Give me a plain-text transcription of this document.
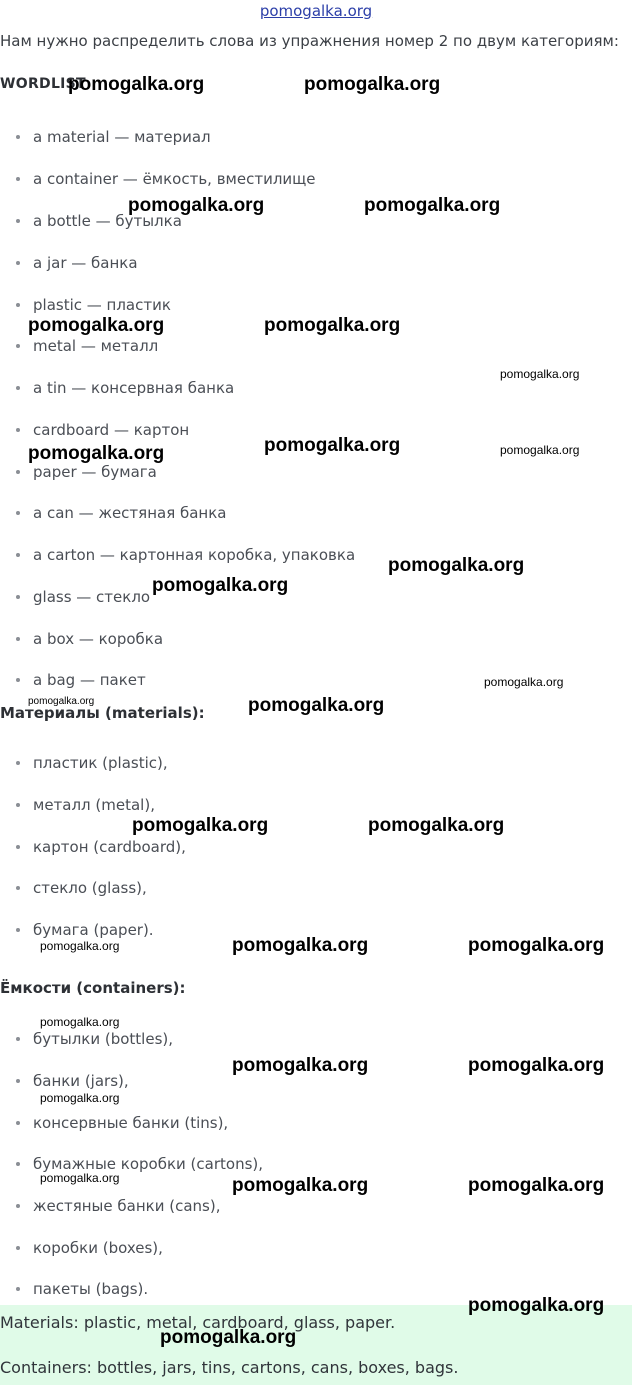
pomogalka.org
Нам нужно распределить слова из упражнения номер 2 по двум категориям:
WORDLIST
a material — материал
a container — ёмкость, вместилище
a bottle — бутылка
a jar — банка
plastic — пластик
metal — металл
a tin — консервная банка
cardboard — картон
paper — бумага
a can — жестяная банка
a carton — картонная коробка, упаковка
glass — стекло
a box — коробка
a bag — пакет
Материалы (materials):
пластик (plastic),
металл (metal),
картон (cardboard),
стекло (glass),
бумага (paper).
Ёмкости (containers):
бутылки (bottles),
банки (jars),
консервные банки (tins),
бумажные коробки (cartons),
жестяные банки (cans),
коробки (boxes),
пакеты (bags).
Materials: plastic, metal, cardboard, glass, paper.
Containers: bottles, jars, tins, cartons, cans, boxes, bags.
pomogalka.org	pomogalka.org
pomogalka.org	pomogalka.org
pomogalka.org	pomogalka.org
pomogalka.org
pomogalka.org
pomogalka.org	pomogalka.org
pomogalka.org
pomogalka.org
pomogalka.org
pomogalka.org	pomogalka.org
pomogalka.org	pomogalka.org
pomogalka.org	pomogalka.org	pomogalka.org
pomogalka.org
pomogalka.org	pomogalka.org
pomogalka.org
pomogalka.org	pomogalka.org	pomogalka.org
pomogalka.org
pomogalka.org
